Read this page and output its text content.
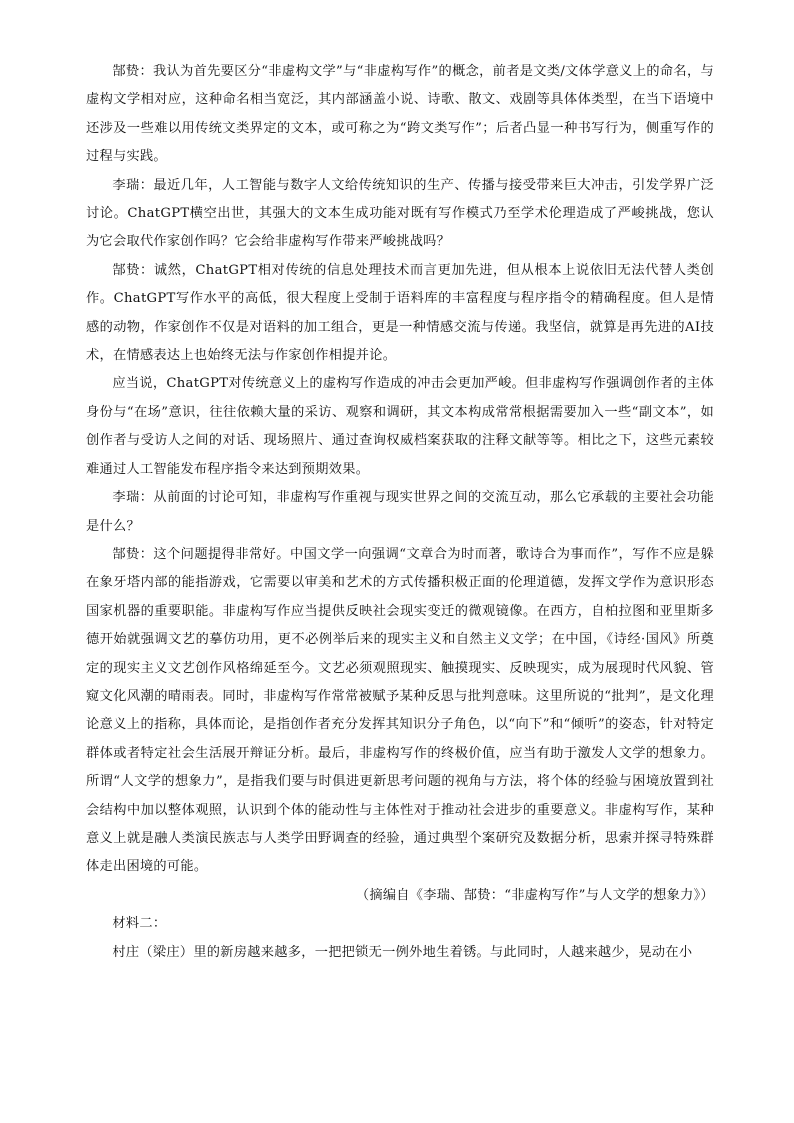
郜贽：我认为首先要区分“非虚构文学”与“非虚构写作”的概念，前者是文类/文体学意义上的命名，与虚构文学相对应，这种命名相当宽泛，其内部涵盖小说、诗歌、散文、戏剧等具体体类型，在当下语境中还涉及一些难以用传统文类界定的文本，或可称之为“跨文类写作”；后者凸显一种书写行为，侧重写作的过程与实践。

李瑞：最近几年，人工智能与数字人文给传统知识的生产、传播与接受带来巨大冲击，引发学界广泛讨论。ChatGPT横空出世，其强大的文本生成功能对既有写作模式乃至学术伦理造成了严峻挑战，您认为它会取代作家创作吗？它会给非虚构写作带来严峻挑战吗？

郜贽：诚然，ChatGPT相对传统的信息处理技术而言更加先进，但从根本上说依旧无法代替人类创作。ChatGPT写作水平的高低，很大程度上受制于语料库的丰富程度与程序指令的精确程度。但人是情感的动物，作家创作不仅是对语料的加工组合，更是一种情感交流与传递。我坚信，就算是再先进的AI技术，在情感表达上也始终无法与作家创作相提并论。

应当说，ChatGPT对传统意义上的虚构写作造成的冲击会更加严峻。但非虚构写作强调创作者的主体身份与“在场”意识，往往依赖大量的采访、观察和调研，其文本构成常常根据需要加入一些“副文本”，如创作者与受访人之间的对话、现场照片、通过查询权威档案获取的注释文献等等。相比之下，这些元素较难通过人工智能发布程序指令来达到预期效果。

李瑞：从前面的讨论可知，非虚构写作重视与现实世界之间的交流互动，那么它承载的主要社会功能是什么？

郜贽：这个问题提得非常好。中国文学一向强调“文章合为时而著，歌诗合为事而作”，写作不应是躲在象牙塔内部的能指游戏，它需要以审美和艺术的方式传播积极正面的伦理道德，发挥文学作为意识形态国家机器的重要职能。非虚构写作应当提供反映社会现实变迁的微观镜像。在西方，自柏拉图和亚里斯多德开始就强调文艺的摹仿功用，更不必例举后来的现实主义和自然主义文学；在中国，《诗经·国风》所奠定的现实主义文艺创作风格绵延至今。文艺必须观照现实、触摸现实、反映现实，成为展现时代风貌、管窥文化风潮的晴雨表。同时，非虚构写作常常被赋予某种反思与批判意味。这里所说的“批判”，是文化理论意义上的指称，具体而论，是指创作者充分发挥其知识分子角色，以“向下”和“倾听”的姿态，针对特定群体或者特定社会生活展开辩证分析。最后，非虚构写作的终极价值，应当有助于激发人文学的想象力。所谓“人文学的想象力”，是指我们要与时俱进更新思考问题的视角与方法，将个体的经验与困境放置到社会结构中加以整体观照，认识到个体的能动性与主体性对于推动社会进步的重要意义。非虚构写作，某种意义上就是融人类演民族志与人类学田野调查的经验，通过典型个案研究及数据分析，思索并探寻特殊群体走出困境的可能。

（摘编自《李瑞、郜贽：“非虚构写作”与人文学的想象力》）

材料二：

村庄（梁庄）里的新房越来越多，一把把锁无一例外地生着锈。与此同时，人越来越少，晃动在小
